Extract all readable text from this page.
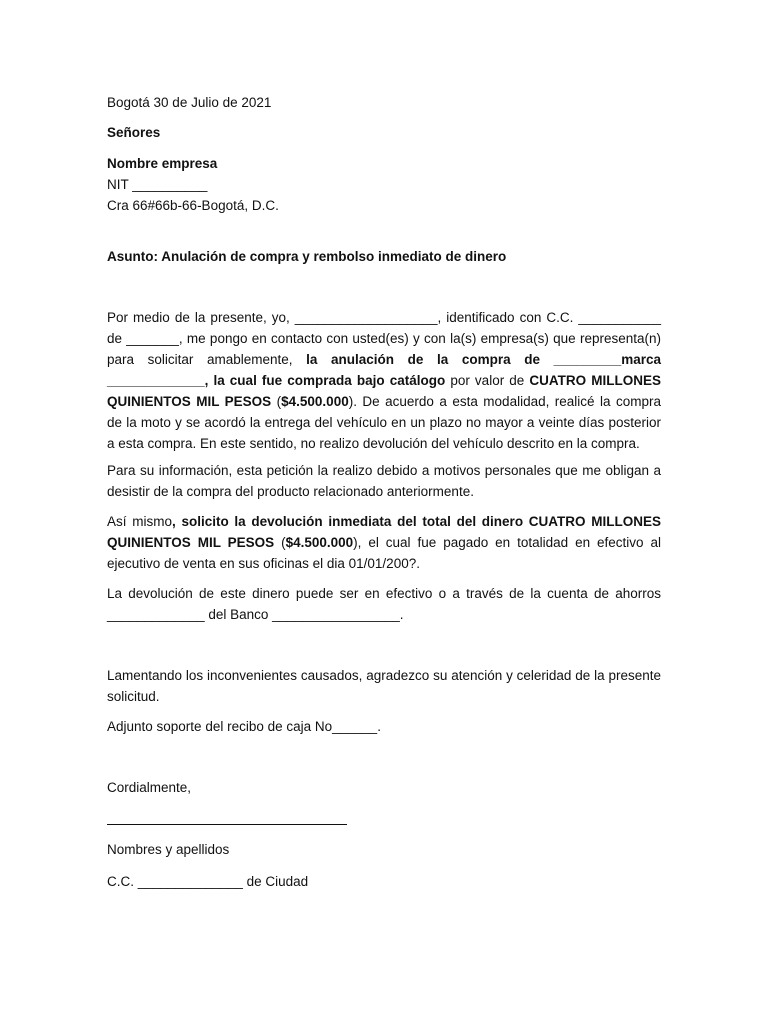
Bogotá 30 de Julio de 2021
Señores
Nombre empresa
NIT __________
Cra 66#66b-66-Bogotá, D.C.
Asunto: Anulación de compra y rembolso inmediato de dinero
Por medio de la presente, yo, ___________________, identificado con C.C. ___________ de _______, me pongo en contacto con usted(es) y con la(s) empresa(s) que representa(n) para solicitar amablemente, la anulación de la compra de _________marca _____________, la cual fue comprada bajo catálogo por valor de CUATRO MILLONES QUINIENTOS MIL PESOS ($4.500.000). De acuerdo a esta modalidad, realicé la compra de la moto y se acordó la entrega del vehículo en un plazo no mayor a veinte días posterior a esta compra. En este sentido, no realizo devolución del vehículo descrito en la compra.
Para su información, esta petición la realizo debido a motivos personales que me obligan a desistir de la compra del producto relacionado anteriormente.
Así mismo, solicito la devolución inmediata del total del dinero CUATRO MILLONES QUINIENTOS MIL PESOS ($4.500.000), el cual fue pagado en totalidad en efectivo al ejecutivo de venta en sus oficinas el dia 01/01/200?.
La devolución de este dinero puede ser en efectivo o a través de la cuenta de ahorros _____________ del Banco _________________.
Lamentando los inconvenientes causados, agradezco su atención y celeridad de la presente solicitud.
Adjunto soporte del recibo de caja No______.
Cordialmente,
Nombres y apellidos
C.C. ______________ de Ciudad
